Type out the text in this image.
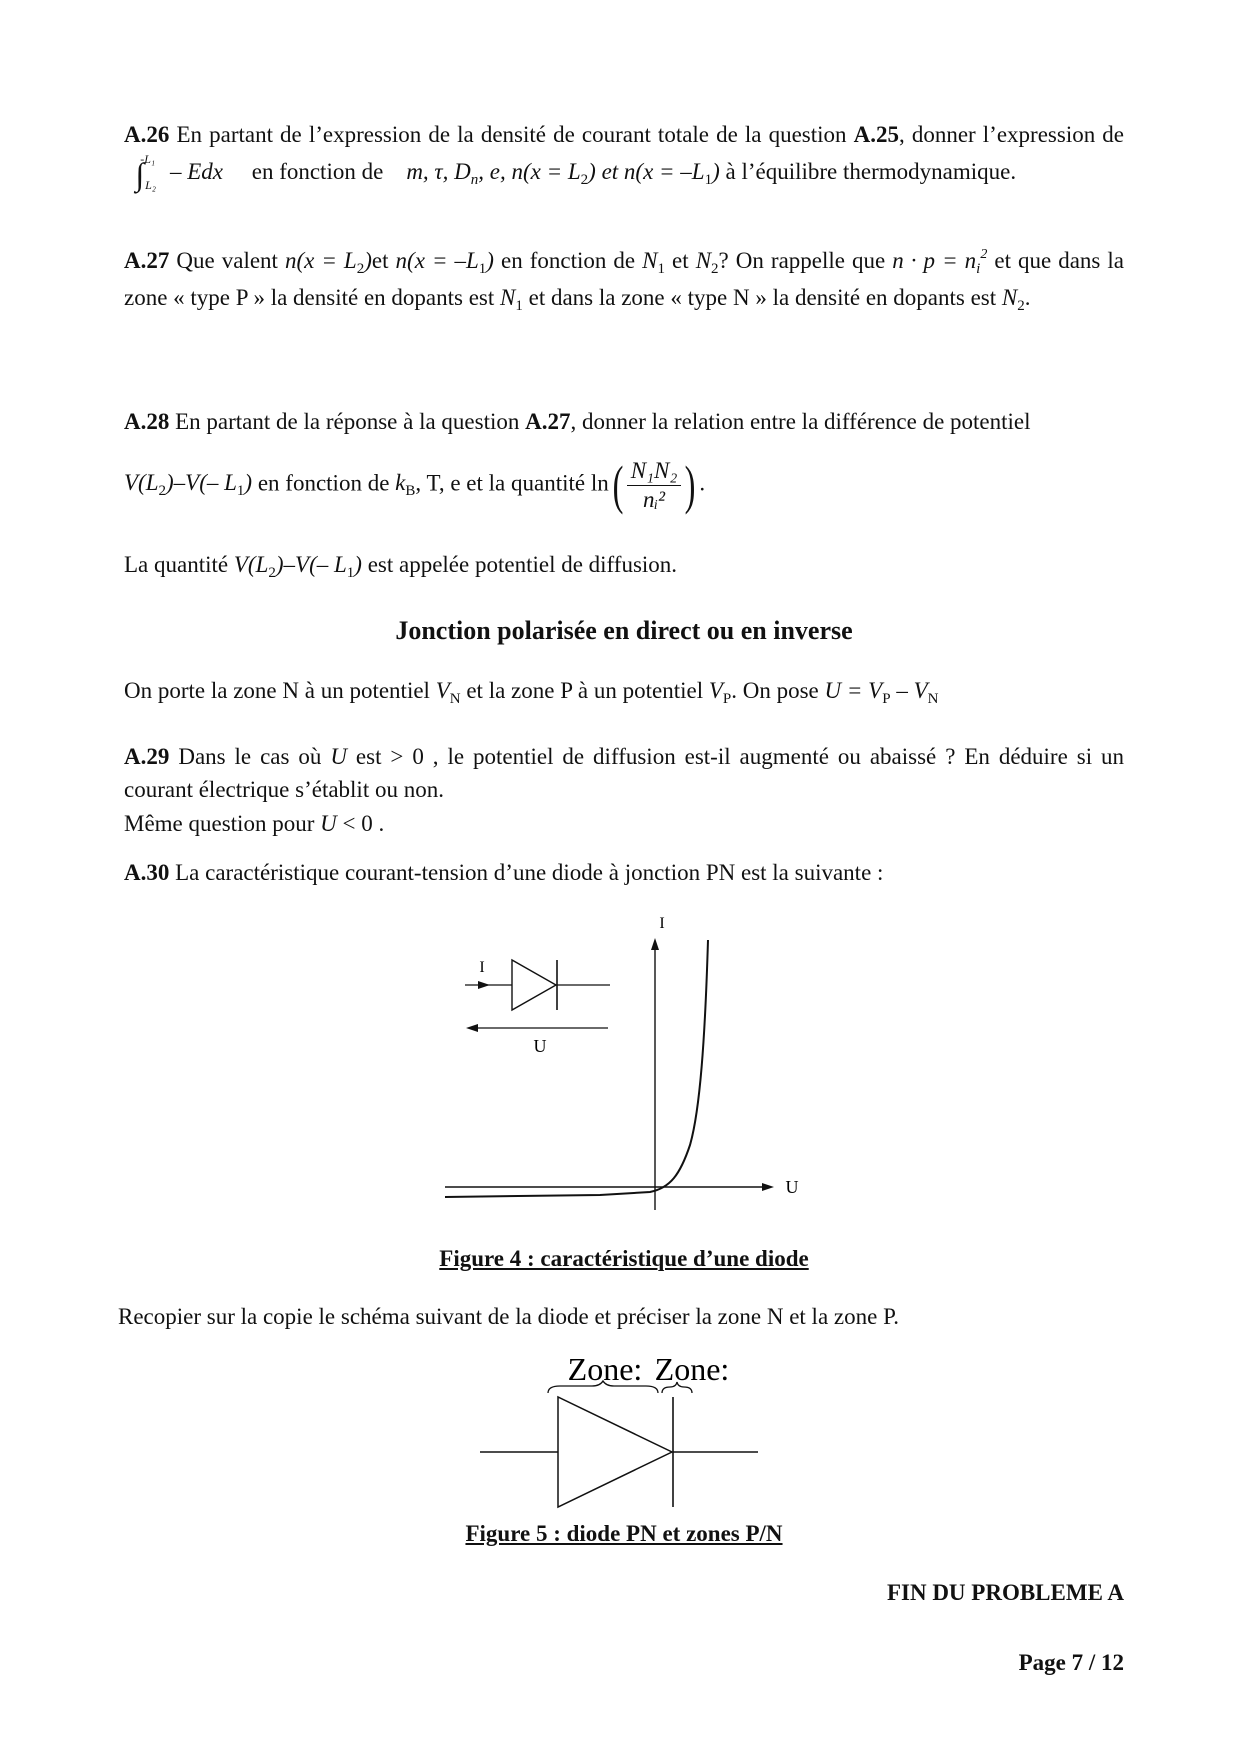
A.26 En partant de l’expression de la densité de courant totale de la question A.25, donner l’expression de   ∫$^{-L_1}_{L_2}$– Edx en fonction de m, τ, $D_n$, e, $n(x = L_2)$ et $n(x = -L_1)$ à l’équilibre thermodynamique.
A.27 Que valent $n(x = L_2)et$ $n(x = -L_1)$ en fonction de $N_1$ et $N_2$? On rappelle que $n \cdot p = n_i^2$ et que dans la zone « type P » la densité en dopants est $N_1$ et dans la zone « type N » la densité en dopants est $N_2$.
A.28 En partant de la réponse à la question A.27, donner la relation entre la différence de potentiel
$V(L_2)-V(-$ $L_1$) en fonction de $k_B$, T, e et la quantité $\ln( \frac{\text{N₁N₂}}{\text{nᵢ²}}$ ) .
La quantité $V(L_2)-V(-$ $L_1$) est appelée potentiel de diffusion.
Jonction polarisée en direct ou en inverse
On porte la zone N à un potentiel $V_N$ et la zone P à un potentiel $V_P$. On pose $U = V_P - V_N$
A.29 Dans le cas où U est > 0 , le potentiel de diffusion est-il augmenté ou abaissé ? En déduire si un courant électrique s’établit ou non.
Même question pour U < 0 .
A.30 La caractéristique courant-tension d’une diode à jonction PN est la suivante :
I
U
I
U
Figure 4 : caractéristique d’une diode
Recopier sur la copie le schéma suivant de la diode et préciser la zone N et la zone P.
Zone: Zone:
Figure 5 : diode PN et zones P/N
FIN DU PROBLEME A
Page 7 / 12
